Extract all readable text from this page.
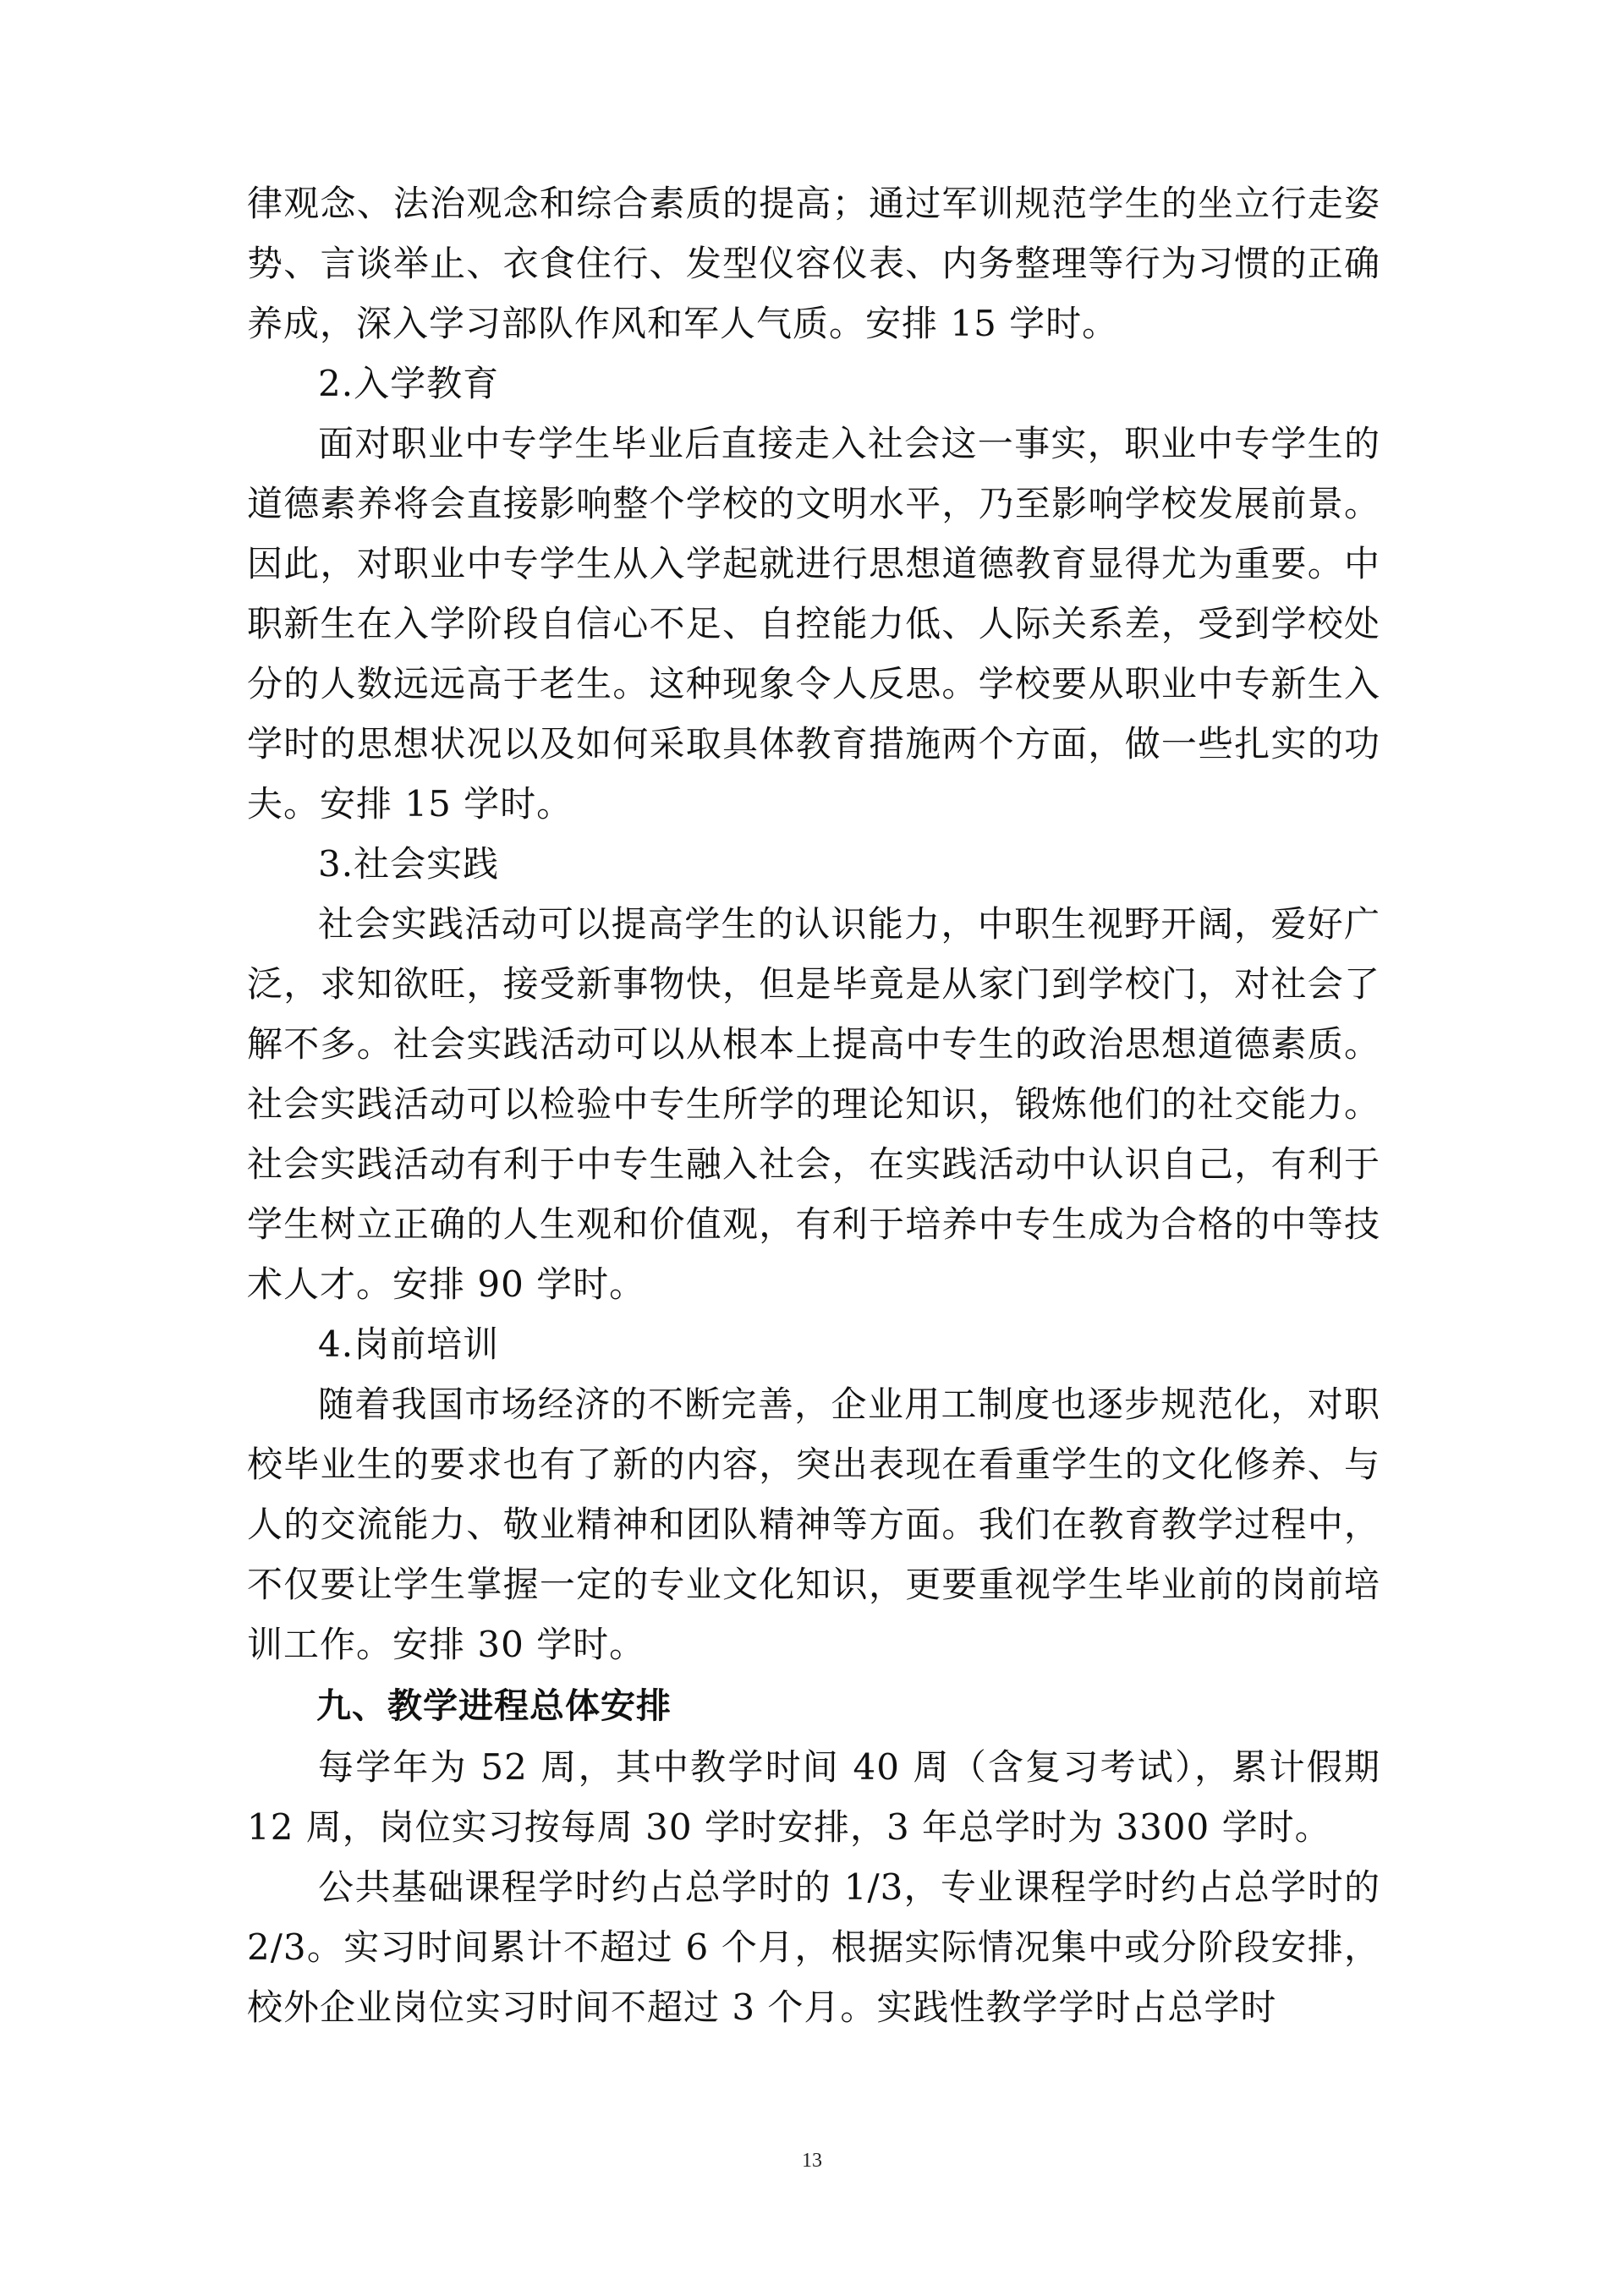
律观念、法治观念和综合素质的提高；通过军训规范学生的坐立行走姿势、言谈举止、衣食住行、发型仪容仪表、内务整理等行为习惯的正确养成，深入学习部队作风和军人气质。安排 15 学时。

2.入学教育

面对职业中专学生毕业后直接走入社会这一事实，职业中专学生的道德素养将会直接影响整个学校的文明水平，乃至影响学校发展前景。因此，对职业中专学生从入学起就进行思想道德教育显得尤为重要。中职新生在入学阶段自信心不足、自控能力低、人际关系差，受到学校处分的人数远远高于老生。这种现象令人反思。学校要从职业中专新生入学时的思想状况以及如何采取具体教育措施两个方面，做一些扎实的功夫。安排 15 学时。

3.社会实践

社会实践活动可以提高学生的认识能力，中职生视野开阔，爱好广泛，求知欲旺，接受新事物快，但是毕竟是从家门到学校门，对社会了解不多。社会实践活动可以从根本上提高中专生的政治思想道德素质。社会实践活动可以检验中专生所学的理论知识，锻炼他们的社交能力。社会实践活动有利于中专生融入社会，在实践活动中认识自己，有利于学生树立正确的人生观和价值观，有利于培养中专生成为合格的中等技术人才。安排 90 学时。

4.岗前培训

随着我国市场经济的不断完善，企业用工制度也逐步规范化，对职校毕业生的要求也有了新的内容，突出表现在看重学生的文化修养、与人的交流能力、敬业精神和团队精神等方面。我们在教育教学过程中，不仅要让学生掌握一定的专业文化知识，更要重视学生毕业前的岗前培训工作。安排 30 学时。

九、教学进程总体安排

每学年为 52 周，其中教学时间 40 周（含复习考试），累计假期 12 周，岗位实习按每周 30 学时安排，3 年总学时为 3300 学时。

公共基础课程学时约占总学时的 1/3，专业课程学时约占总学时的 2/3。实习时间累计不超过 6 个月，根据实际情况集中或分阶段安排，校外企业岗位实习时间不超过 3 个月。实践性教学学时占总学时

13
